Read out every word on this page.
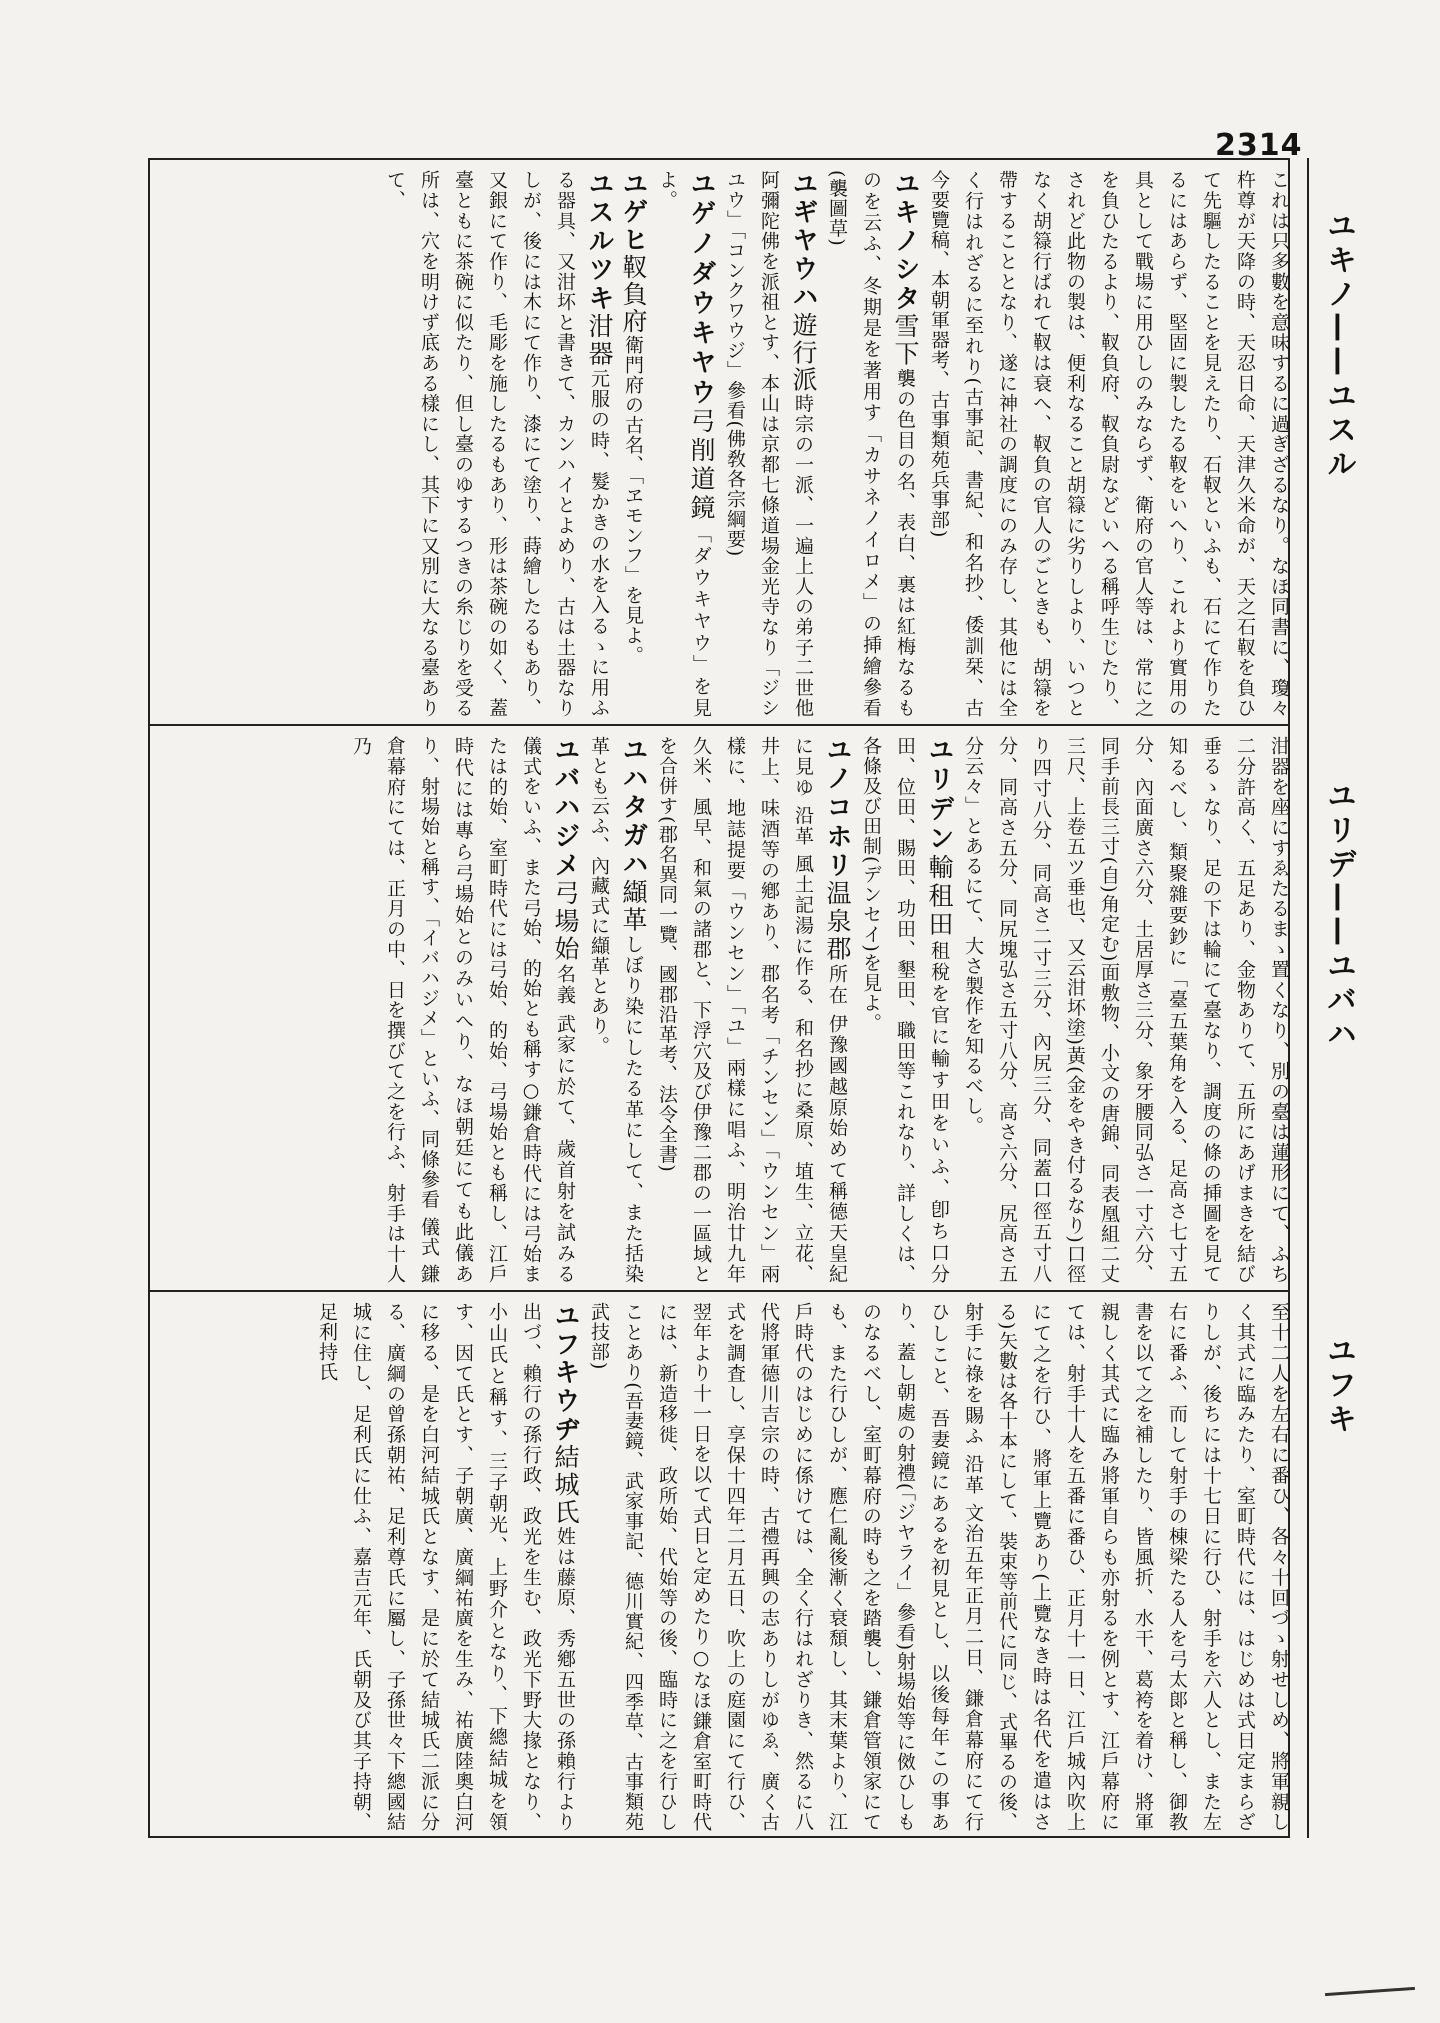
2314
ユキノ——ユスル
ユリデ——ユバハ
ユフキ

これは只多數を意味するに過ぎざるなり。なほ同書に、瓊々杵尊が天降の時、天忍日命、天津久米命が、天之石靫を負ひて先驅したることを見えたり、石靫といふも、石にて作りたるにはあらず、堅固に製したる靫をいへり、これより實用の具として戰場に用ひしのみならず、衛府の官人等は、常に之を負ひたるより、靫負府、靫負尉などいへる稱呼生じたり、されど此物の製は、便利なること胡簶に劣りしより、いつとなく胡簶行ばれて靫は衰へ、靫負の官人のごときも、胡簶を帶することとなり、遂に神社の調度にのみ存し、其他には全く行はれざるに至れり(古事記、書紀、和名抄、倭訓栞、古今要覽稿、本朝軍器考、古事類苑兵事部)

ユキノシタ雪下襲の色目の名、表白、裏は紅梅なるものを云ふ、冬期是を著用す「カサネノイロメ」の挿繪參看(襲圖草)

ユギヤウハ遊行派時宗の一派、一遍上人の弟子二世他阿彌陀佛を派祖とす、本山は京都七條道場金光寺なり「ジシユウ」「コンクワウジ」參看(佛敎各宗綱要)

ユゲノダウキヤウ弓削道鏡「ダウキヤウ」を見よ。

ユゲヒ靫負府衛門府の古名、「ヱモンフ」を見よ。

ユスルツキ泔器元服の時、髮かきの水を入るゝに用ふる器具、又泔坏と書きて、カンハイとよめり、古は土器なりしが、後には木にて作り、漆にて塗り、蒔繪したるもあり、又銀にて作り、毛彫を施したるもあり、形は茶碗の如く、蓋臺ともに茶碗に似たり、但し臺のゆするつきの糸じりを受る所は、穴を明けず底ある樣にし、其下に又別に大なる臺ありて、

泔器を座にすゑたるまゝ置くなり、別の臺は蓮形にて、ふち二分許高く、五足あり、金物ありて、五所にあげまきを結び垂るゝなり、足の下は輪にて臺なり、調度の條の挿圖を見て知るべし、類聚雜要鈔に「臺五葉角を入る、足高さ七寸五分、內面廣さ六分、土居厚さ三分、象牙腰同弘さ一寸六分、同手前長三寸(自)角定む)面敷物、小文の唐錦、同表凰組二丈三尺、上卷五ツ垂也、又云泔坏塗)黃(金をやき付るなり)口徑り四寸八分、同高さ二寸三分、內尻三分、同蓋口徑五寸八分、同高さ五分、同尻塊弘さ五寸八分、高さ六分、尻高さ五分云々」とあるにて、大さ製作を知るべし。

ユリデン輸租田租稅を官に輸す田をいふ、卽ち口分田、位田、賜田、功田、墾田、職田等これなり、詳しくは、各條及び田制(デンセイ)を見よ。

ユノコホリ温泉郡所在 伊豫國越原始めて稱德天皇紀に見ゆ 沿革 風土記湯に作る、和名抄に桑原、埴生、立花、井上、味酒等の鄕あり、郡名考「チンセン」「ウンセン」兩樣に、地誌提要「ウンセン」「ユ」兩樣に唱ふ、明治廿九年久米、風早、和氣の諸郡と、下浮穴及び伊豫二郡の一區域とを合併す(郡名異同一覽、國郡沿革考、法令全書)

ユハタガハ纈革しぼり染にしたる革にして、また括染革とも云ふ、內藏式に纈革とあり。

ユバハジメ弓場始名義 武家に於て、歲首射を試みる儀式をいふ、また弓始、的始とも稱す○鎌倉時代には弓始または的始、室町時代には弓始、的始、弓場始とも稱し、江戶時代には專ら弓場始とのみいへり、なほ朝廷にても此儀あり、射場始と稱す、「イバハジメ」といふ、同條參看 儀式 鎌倉幕府にては、正月の中、日を撰びて之を行ふ、射手は十人乃

至十二人を左右に番ひ、各々十回づゝ射せしめ、將軍親しく其式に臨みたり、室町時代には、はじめは式日定まらざりしが、後ちには十七日に行ひ、射手を六人とし、また左右に番ふ、而して射手の棟梁たる人を弓太郞と稱し、御教書を以て之を補したり、皆風折、水干、葛袴を着け、將軍親しく其式に臨み將軍自らも亦射るを例とす、江戶幕府にては、射手十人を五番に番ひ、正月十一日、江戶城內吹上にて之を行ひ、將軍上覽あり(上覽なき時は名代を遣はさる)矢數は各十本にして、裝束等前代に同じ、式畢るの後、射手に祿を賜ふ 沿革 文治五年正月二日、鎌倉幕府にて行ひしこと、吾妻鏡にあるを初見とし、以後每年この事あり、蓋し朝處の射禮(「ジヤライ」參看)射場始等に傚ひしものなるべし、室町幕府の時も之を踏襲し、鎌倉管領家にても、また行ひしが、應仁亂後漸く衰頹し、其末葉より、江戶時代のはじめに係けては、全く行はれざりき、然るに八代將軍德川吉宗の時、古禮再興の志ありしがゆゑ、廣く古式を調査し、享保十四年二月五日、吹上の庭園にて行ひ、翌年より十一日を以て式日と定めたり○なほ鎌倉室町時代には、新造移徙、政所始、代始等の後、臨時に之を行ひしことあり(吾妻鏡、武家事記、德川實紀、四季草、古事類苑武技部)

ユフキウヂ結城氏姓は藤原、秀鄕五世の孫賴行より出づ、賴行の孫行政、政光を生む、政光下野大掾となり、小山氏と稱す、三子朝光、上野介となり、下總結城を領す、因て氏とす、子朝廣、廣綱祐廣を生み、祐廣陸奧白河に移る、是を白河結城氏となす、是に於て結城氏二派に分る、廣綱の曾孫朝祐、足利尊氏に屬し、子孫世々下總國結城に住し、足利氏に仕ふ、嘉吉元年、氏朝及び其子持朝、足利持氏
